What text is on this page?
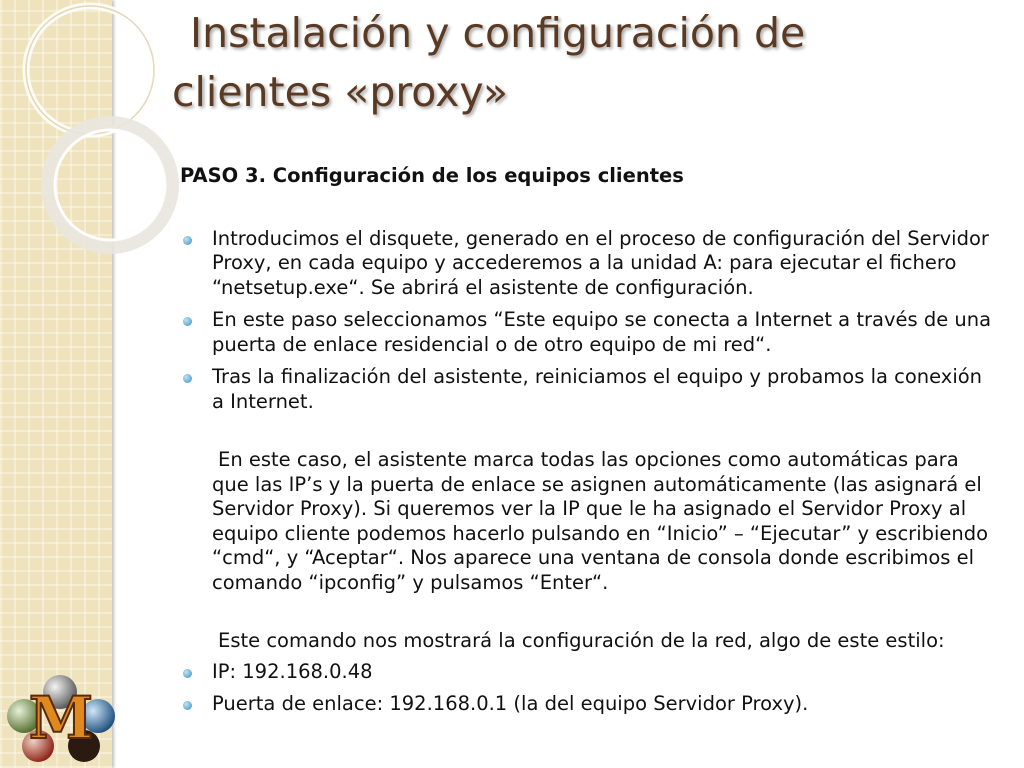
M
Instalación y configuración de
clientes «proxy»

PASO 3. Configuración de los equipos clientes

Introducimos el disquete, generado en el proceso de configuración del Servidor Proxy, en cada equipo y accederemos a la unidad A: para ejecutar el fichero “netsetup.exe“. Se abrirá el asistente de configuración.
En este paso seleccionamos “Este equipo se conecta a Internet a través de una puerta de enlace residencial o de otro equipo de mi red“.
Tras la finalización del asistente, reiniciamos el equipo y probamos la conexión a Internet.

En este caso, el asistente marca todas las opciones como automáticas para que las IP’s y la puerta de enlace se asignen automáticamente (las asignará el Servidor Proxy). Si queremos ver la IP que le ha asignado el Servidor Proxy al equipo cliente podemos hacerlo pulsando en “Inicio” – “Ejecutar” y escribiendo “cmd“, y “Aceptar“. Nos aparece una ventana de consola donde escribimos el comando “ipconfig” y pulsamos “Enter“.

Este comando nos mostrará la configuración de la red, algo de este estilo:

IP: 192.168.0.48
Puerta de enlace: 192.168.0.1 (la del equipo Servidor Proxy).
